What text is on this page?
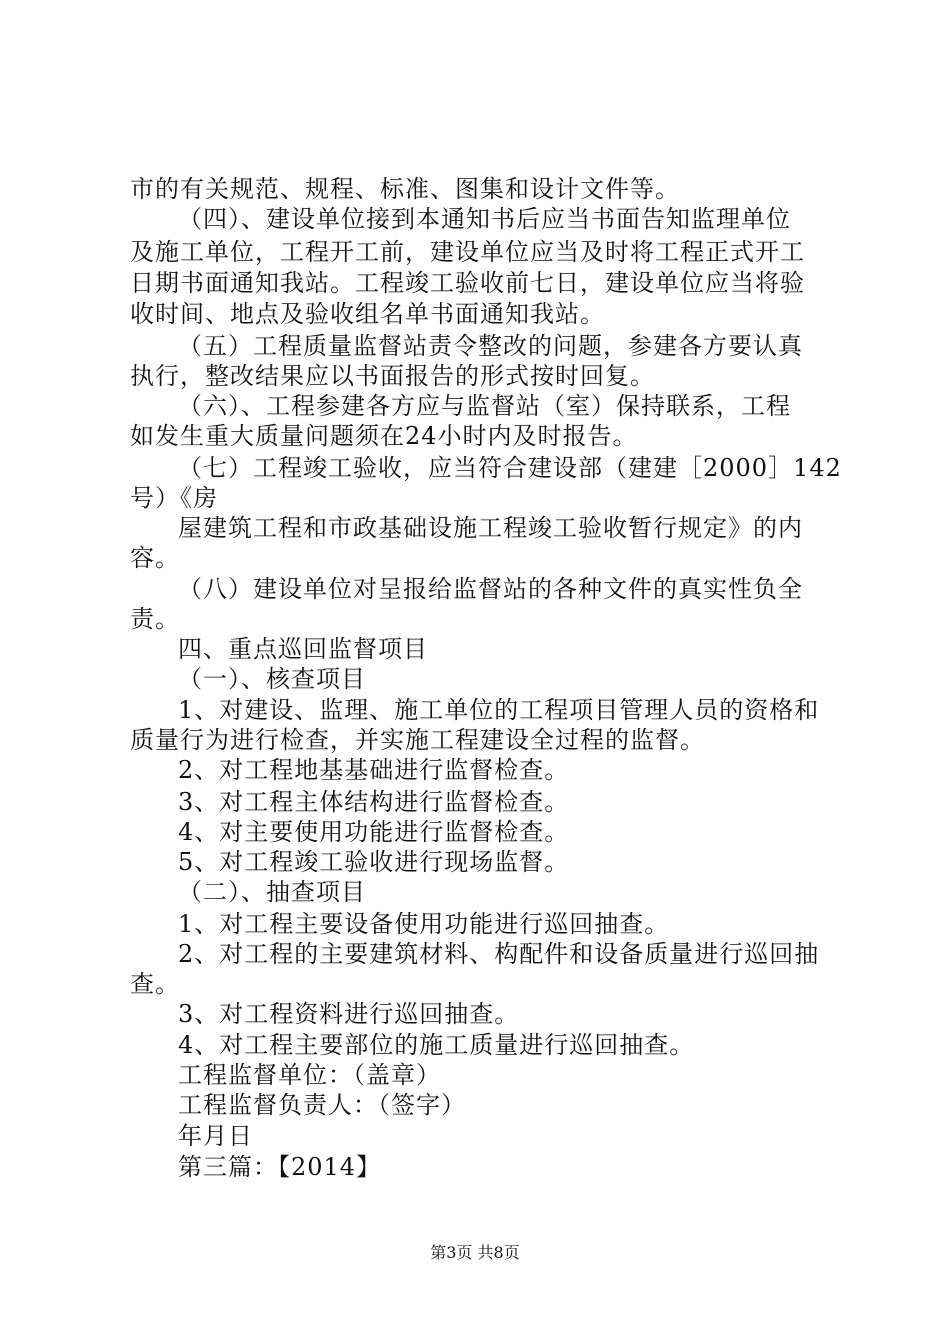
市的有关规范、规程、标准、图集和设计文件等。
（四）、建设单位接到本通知书后应当书面告知监理单位
及施工单位，工程开工前，建设单位应当及时将工程正式开工
日期书面通知我站。工程竣工验收前七日，建设单位应当将验
收时间、地点及验收组名单书面通知我站。
（五）工程质量监督站责令整改的问题，参建各方要认真
执行，整改结果应以书面报告的形式按时回复。
（六）、工程参建各方应与监督站（室）保持联系，工程
如发生重大质量问题须在24小时内及时报告。
（七）工程竣工验收，应当符合建设部（建建［2000］142
号）《房
屋建筑工程和市政基础设施工程竣工验收暂行规定》的内
容。
（八）建设单位对呈报给监督站的各种文件的真实性负全
责。
四、重点巡回监督项目
（一）、核查项目
1、对建设、监理、施工单位的工程项目管理人员的资格和
质量行为进行检查，并实施工程建设全过程的监督。
2、对工程地基基础进行监督检查。
3、对工程主体结构进行监督检查。
4、对主要使用功能进行监督检查。
5、对工程竣工验收进行现场监督。
（二）、抽查项目
1、对工程主要设备使用功能进行巡回抽查。
2、对工程的主要建筑材料、构配件和设备质量进行巡回抽
查。
3、对工程资料进行巡回抽查。
4、对工程主要部位的施工质量进行巡回抽查。
工程监督单位：（盖章）
工程监督负责人：（签字）
年月日
第三篇：【2014】
第3页 共8页
